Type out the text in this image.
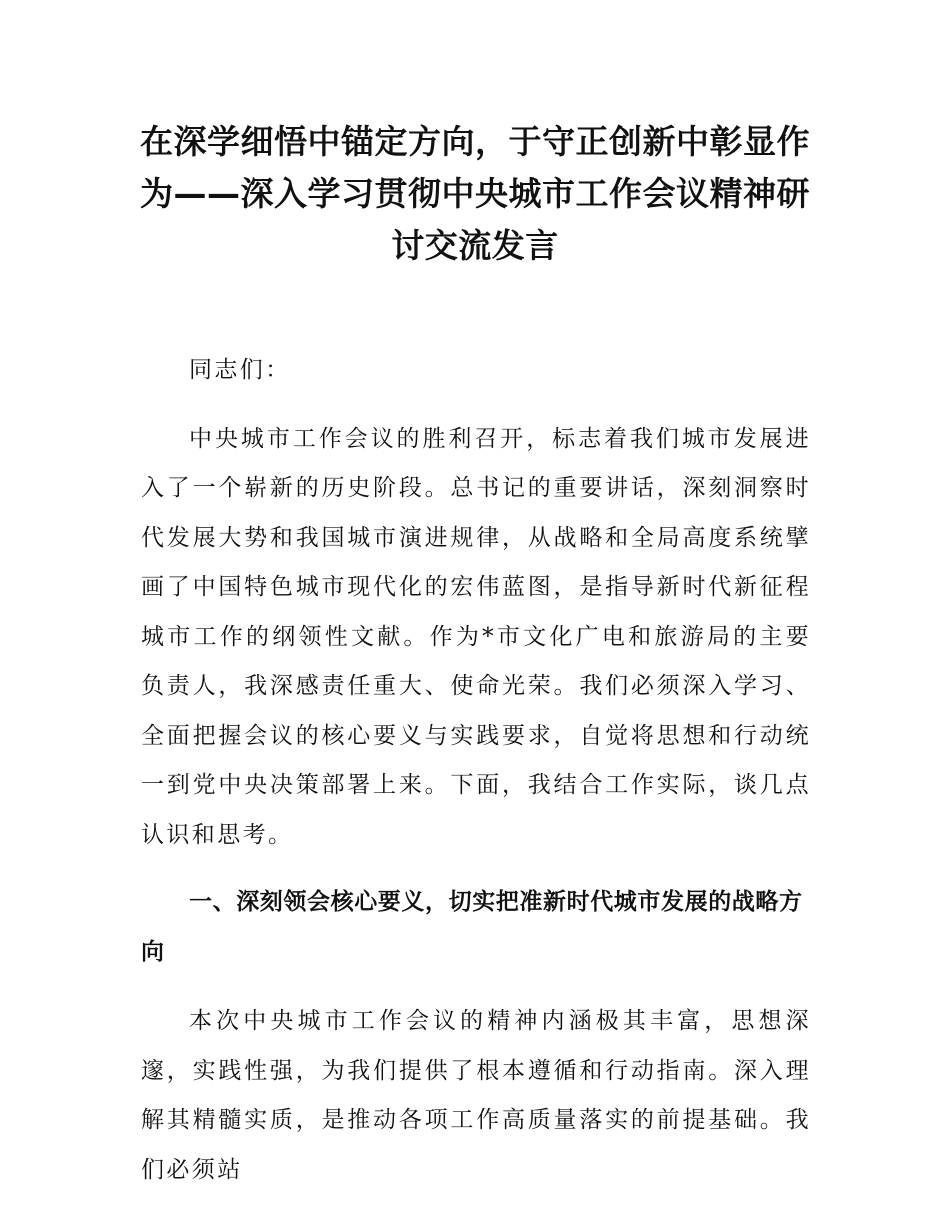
在深学细悟中锚定方向，于守正创新中彰显作为——深入学习贯彻中央城市工作会议精神研讨交流发言

同志们：

中央城市工作会议的胜利召开，标志着我们城市发展进入了一个崭新的历史阶段。总书记的重要讲话，深刻洞察时代发展大势和我国城市演进规律，从战略和全局高度系统擘画了中国特色城市现代化的宏伟蓝图，是指导新时代新征程城市工作的纲领性文献。作为*市文化广电和旅游局的主要负责人，我深感责任重大、使命光荣。我们必须深入学习、全面把握会议的核心要义与实践要求，自觉将思想和行动统一到党中央决策部署上来。下面，我结合工作实际，谈几点认识和思考。

一、深刻领会核心要义，切实把准新时代城市发展的战略方向

本次中央城市工作会议的精神内涵极其丰富，思想深邃，实践性强，为我们提供了根本遵循和行动指南。深入理解其精髓实质，是推动各项工作高质量落实的前提基础。我们必须站
